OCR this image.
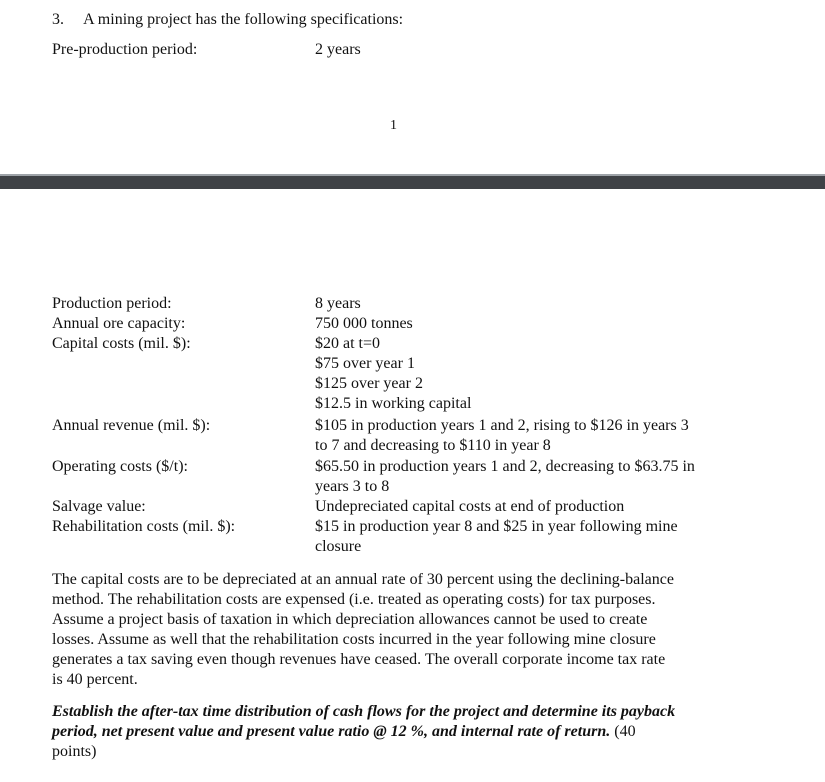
3. A mining project has the following specifications:
Pre-production period:	2 years
1
Production period:	8 years
Annual ore capacity:	750 000 tonnes
Capital costs (mil. $):	$20 at t=0
$75 over year 1
$125 over year 2
$12.5 in working capital
Annual revenue (mil. $):	$105 in production years 1 and 2, rising to $126 in years 3
to 7 and decreasing to $110 in year 8
Operating costs ($/t):	$65.50 in production years 1 and 2, decreasing to $63.75 in
years 3 to 8
Salvage value:	Undepreciated capital costs at end of production
Rehabilitation costs (mil. $):	$15 in production year 8 and $25 in year following mine
closure
The capital costs are to be depreciated at an annual rate of 30 percent using the declining-balance
method. The rehabilitation costs are expensed (i.e. treated as operating costs) for tax purposes.
Assume a project basis of taxation in which depreciation allowances cannot be used to create
losses. Assume as well that the rehabilitation costs incurred in the year following mine closure
generates a tax saving even though revenues have ceased. The overall corporate income tax rate
is 40 percent.
Establish the after-tax time distribution of cash flows for the project and determine its payback
period, net present value and present value ratio @ 12 %, and internal rate of return. (40
points)
